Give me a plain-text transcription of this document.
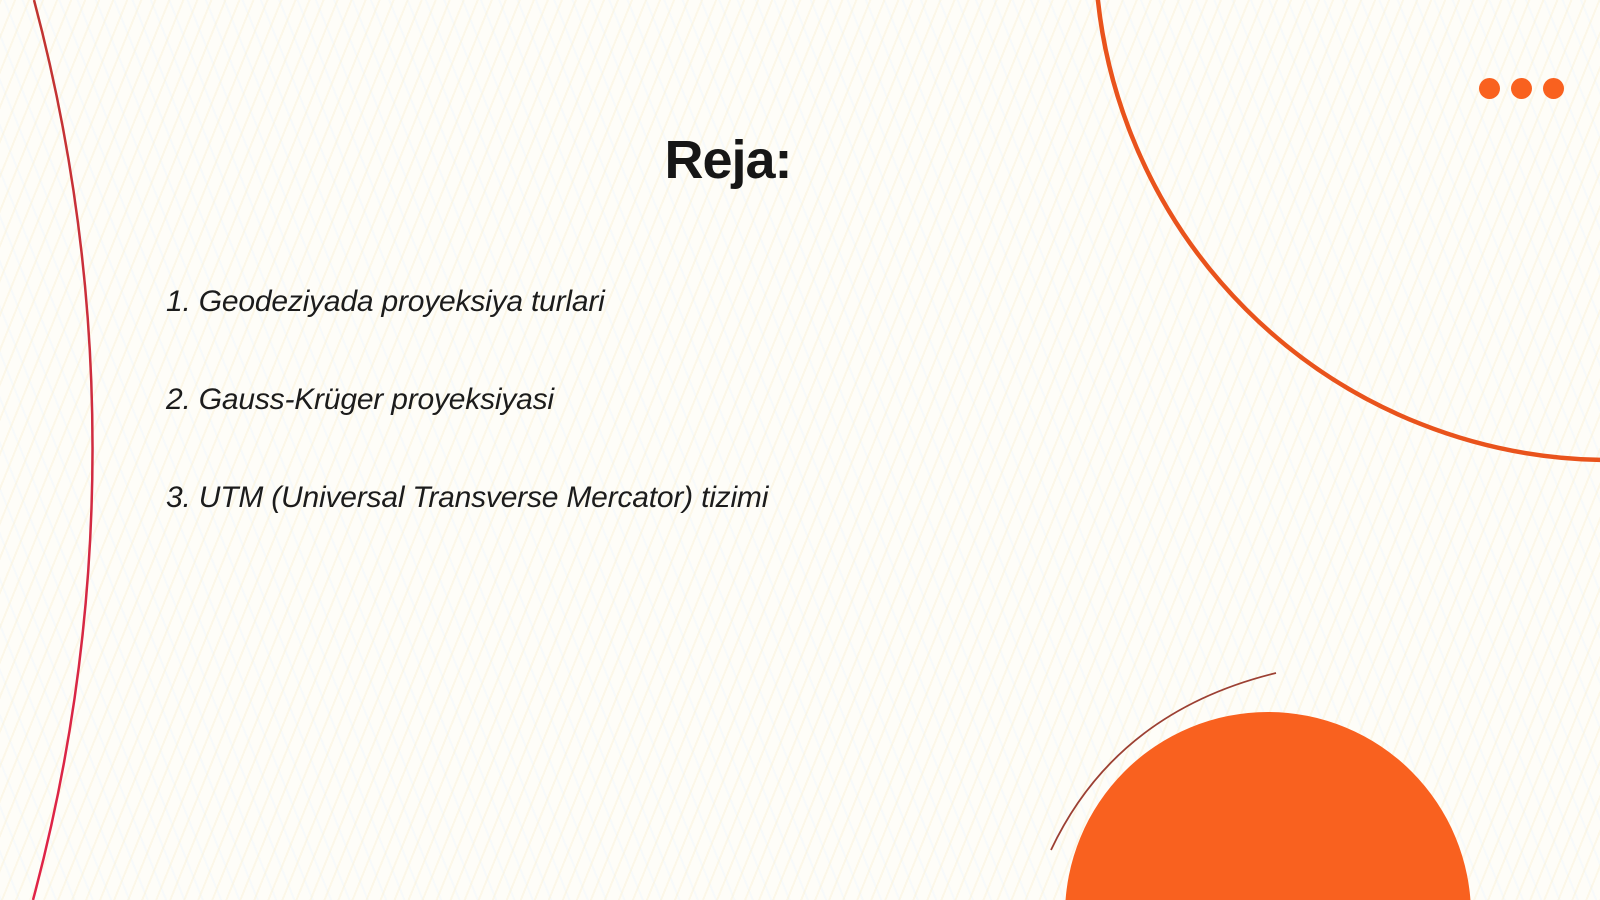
Reja:
1. Geodeziyada proyeksiya turlari
2. Gauss-Krüger proyeksiyasi
3. UTM (Universal Transverse Mercator) tizimi
